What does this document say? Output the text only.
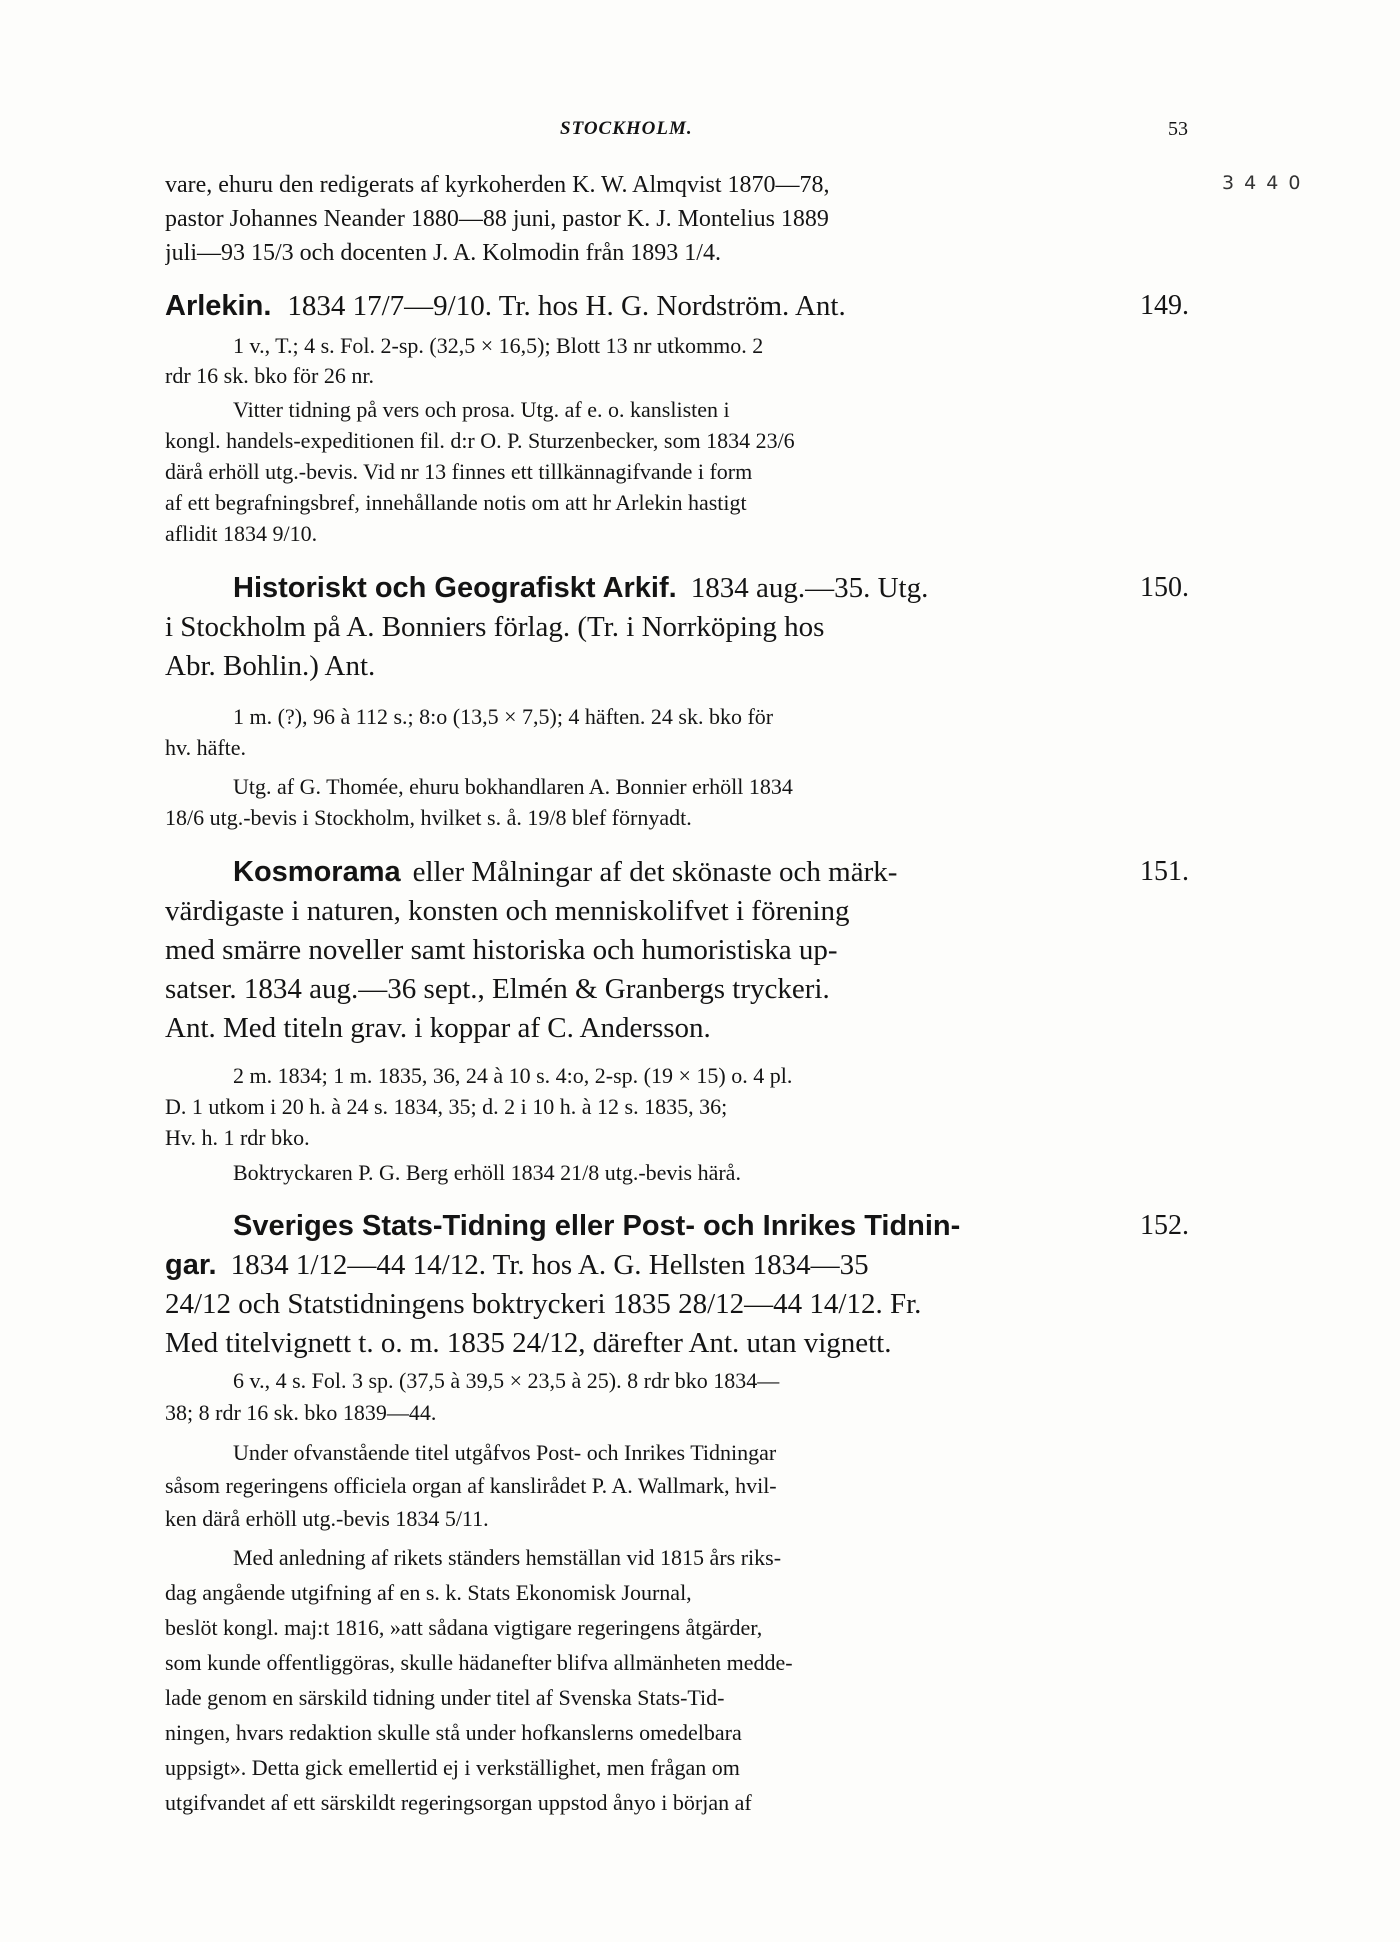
STOCKHOLM.	53
3 4 4 0

vare, ehuru den redigerats af kyrkoherden K. W. Almqvist 1870—78,

pastor Johannes Neander 1880—88 juni, pastor K. J. Montelius 1889

juli—93 15/3 och docenten J. A. Kolmodin från 1893 1/4.

Arlekin. 1834 17/7—9/10. Tr. hos H. G. Nordström. Ant.	149.

1 v., T.; 4 s. Fol. 2-sp. (32,5 × 16,5); Blott 13 nr utkommo. 2

rdr 16 sk. bko för 26 nr.

Vitter tidning på vers och prosa. Utg. af e. o. kanslisten i

kongl. handels-expeditionen fil. d:r O. P. Sturzenbecker, som 1834 23/6

därå erhöll utg.-bevis. Vid nr 13 finnes ett tillkännagifvande i form

af ett begrafningsbref, innehållande notis om att hr Arlekin hastigt

aflidit 1834 9/10.

Historiskt och Geografiskt Arkif. 1834 aug.—35. Utg.	150.

i Stockholm på A. Bonniers förlag. (Tr. i Norrköping hos

Abr. Bohlin.) Ant.

1 m. (?), 96 à 112 s.; 8:o (13,5 × 7,5); 4 häften. 24 sk. bko för

hv. häfte.

Utg. af G. Thomée, ehuru bokhandlaren A. Bonnier erhöll 1834

18/6 utg.-bevis i Stockholm, hvilket s. å. 19/8 blef förnyadt.

Kosmorama eller Målningar af det skönaste och märk-	151.

värdigaste i naturen, konsten och menniskolifvet i förening

med smärre noveller samt historiska och humoristiska up-

satser. 1834 aug.—36 sept., Elmén & Granbergs tryckeri.

Ant. Med titeln grav. i koppar af C. Andersson.

2 m. 1834; 1 m. 1835, 36, 24 à 10 s. 4:o, 2-sp. (19 × 15) o. 4 pl.

D. 1 utkom i 20 h. à 24 s. 1834, 35; d. 2 i 10 h. à 12 s. 1835, 36;

Hv. h. 1 rdr bko.

Boktryckaren P. G. Berg erhöll 1834 21/8 utg.-bevis härå.

Sveriges Stats-Tidning eller Post- och Inrikes Tidnin-	152.
gar. 1834 1/12—44 14/12. Tr. hos A. G. Hellsten 1834—35

24/12 och Statstidningens boktryckeri 1835 28/12—44 14/12. Fr.

Med titelvignett t. o. m. 1835 24/12, därefter Ant. utan vignett.

6 v., 4 s. Fol. 3 sp. (37,5 à 39,5 × 23,5 à 25). 8 rdr bko 1834—

38; 8 rdr 16 sk. bko 1839—44.

Under ofvanstående titel utgåfvos Post- och Inrikes Tidningar

såsom regeringens officiela organ af kanslirådet P. A. Wallmark, hvil-

ken därå erhöll utg.-bevis 1834 5/11.

Med anledning af rikets ständers hemställan vid 1815 års riks-

dag angående utgifning af en s. k. Stats Ekonomisk Journal,

beslöt kongl. maj:t 1816, »att sådana vigtigare regeringens åtgärder,

som kunde offentliggöras, skulle hädanefter blifva allmänheten medde-

lade genom en särskild tidning under titel af Svenska Stats-Tid-

ningen, hvars redaktion skulle stå under hofkanslerns omedelbara

uppsigt». Detta gick emellertid ej i verkställighet, men frågan om

utgifvandet af ett särskildt regeringsorgan uppstod ånyo i början af
